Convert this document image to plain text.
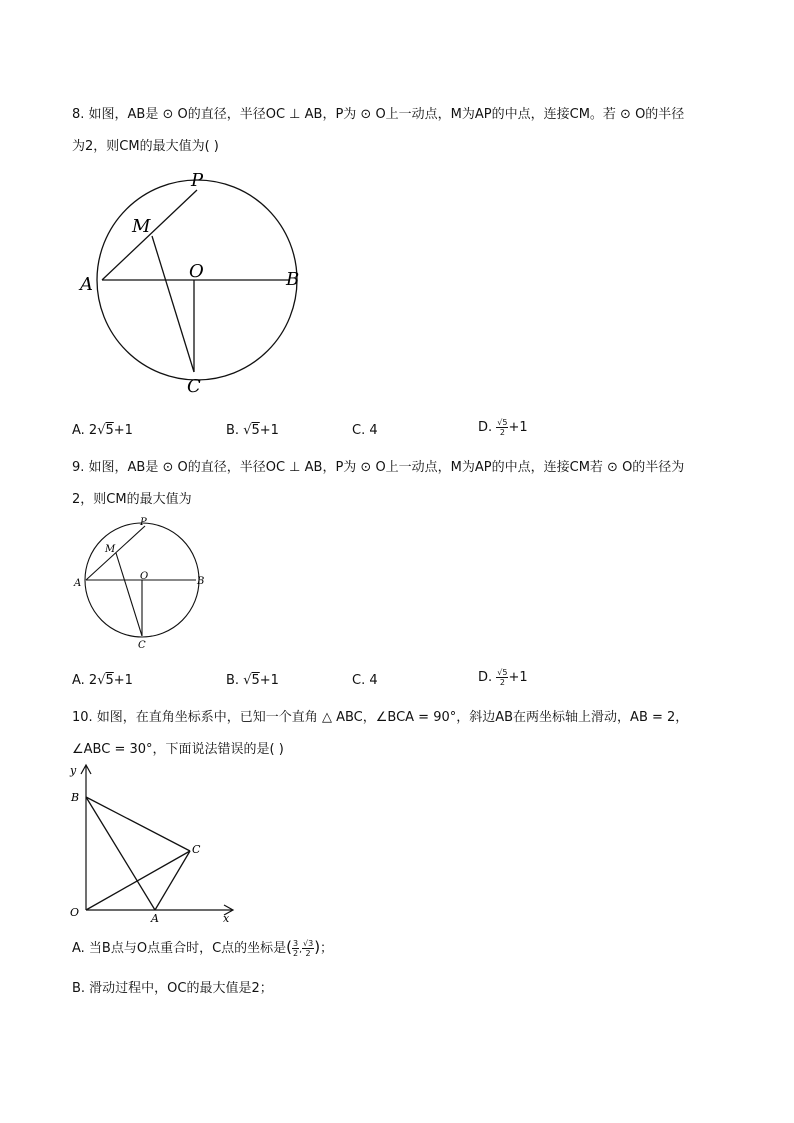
8. 如图，AB是 ⊙ O的直径，半径OC ⊥ AB，P为 ⊙ O上一动点，M为AP的中点，连接CM。若 ⊙ O的半径
为2，则CM的最大值为( )
P
M
O
A	B
C
A. 2√5+1	B. √5+1	C. 4	D. $\frac{√5}{2} +1$
9. 如图，AB是 ⊙ O的直径，半径OC ⊥ AB，P为 ⊙ O上一动点，M为AP的中点，连接CM若 ⊙ O的半径为
2，则CM的最大值为
P
M
O
A	B
C
A. 2√5+1	B. √5+1	C. 4	D. $\frac{√5}{2} +1$
10. 如图，在直角坐标系中，已知一个直角 △ ABC，∠BCA = 90°，斜边AB在两坐标轴上滑动，AB = 2，
∠ABC = 30°，下面说法错误的是( )
y
x
B
C
O	A
A. 当B点与O点重合时，C点的坐标是( $\frac{3}{2}$ , $\frac{√3}{2}$ )；
B. 滑动过程中，OC的最大值是2；
